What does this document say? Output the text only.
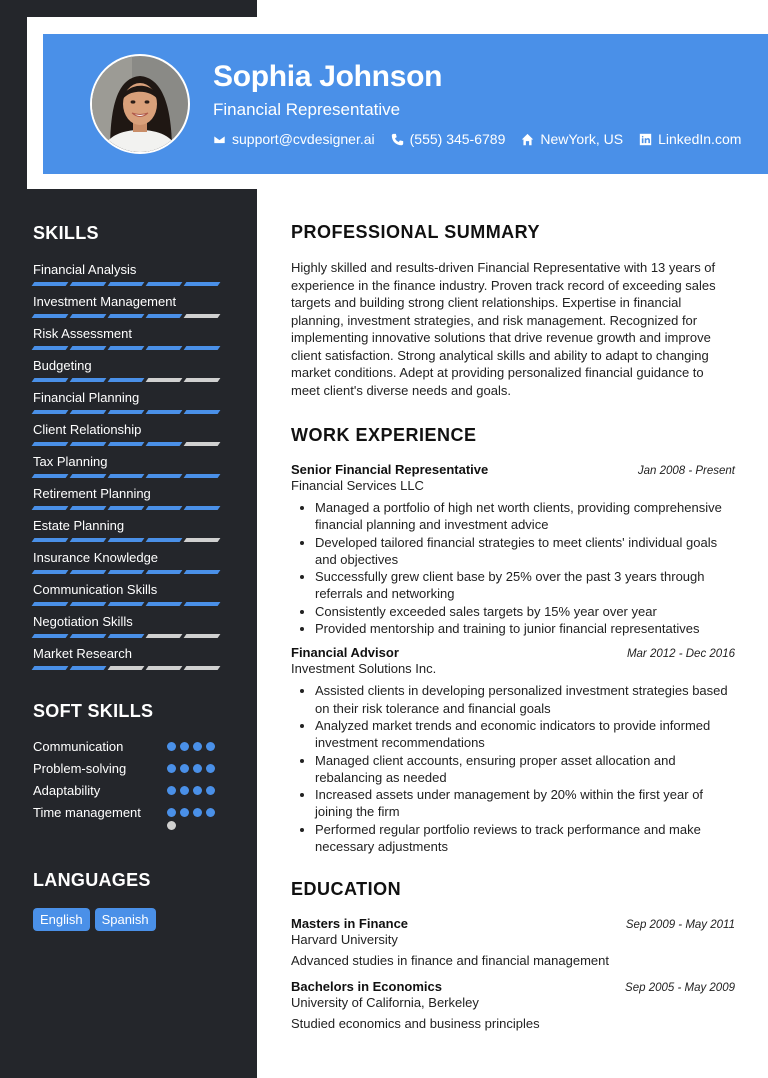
Sophia Johnson
Financial Representative
support@cvdesigner.ai	(555) 345-6789	NewYork, US	LinkedIn.com
SKILLS
Financial Analysis
Investment Management
Risk Assessment
Budgeting
Financial Planning
Client Relationship
Tax Planning
Retirement Planning
Estate Planning
Insurance Knowledge
Communication Skills
Negotiation Skills
Market Research
SOFT SKILLS
Communication
Problem-solving
Adaptability
Time management
LANGUAGES
English	Spanish
PROFESSIONAL SUMMARY
Highly skilled and results-driven Financial Representative with 13 years of experience in the finance industry. Proven track record of exceeding sales targets and building strong client relationships. Expertise in financial planning, investment strategies, and risk management. Recognized for implementing innovative solutions that drive revenue growth and improve client satisfaction. Strong analytical skills and ability to adapt to changing market conditions. Adept at providing personalized financial guidance to meet client's diverse needs and goals.
WORK EXPERIENCE
Senior Financial Representative	Jan 2008 - Present
Financial Services LLC
• Managed a portfolio of high net worth clients, providing comprehensive financial planning and investment advice
• Developed tailored financial strategies to meet clients' individual goals and objectives
• Successfully grew client base by 25% over the past 3 years through referrals and networking
• Consistently exceeded sales targets by 15% year over year
• Provided mentorship and training to junior financial representatives
Financial Advisor	Mar 2012 - Dec 2016
Investment Solutions Inc.
• Assisted clients in developing personalized investment strategies based on their risk tolerance and financial goals
• Analyzed market trends and economic indicators to provide informed investment recommendations
• Managed client accounts, ensuring proper asset allocation and rebalancing as needed
• Increased assets under management by 20% within the first year of joining the firm
• Performed regular portfolio reviews to track performance and make necessary adjustments
EDUCATION
Masters in Finance	Sep 2009 - May 2011
Harvard University
Advanced studies in finance and financial management
Bachelors in Economics	Sep 2005 - May 2009
University of California, Berkeley
Studied economics and business principles
